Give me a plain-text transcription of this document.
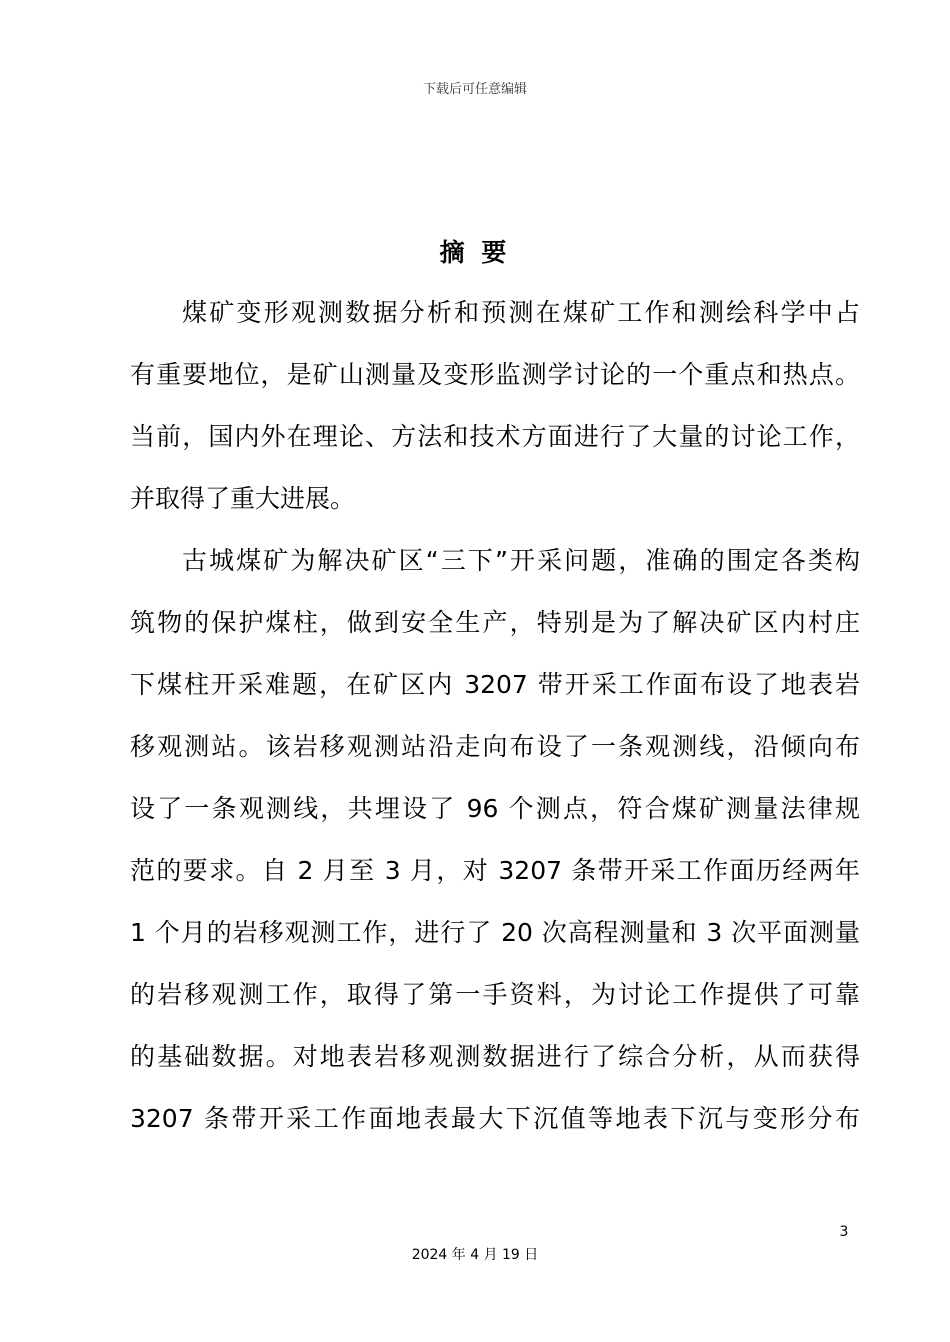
下载后可任意编辑
摘 要
煤矿变形观测数据分析和预测在煤矿工作和测绘科学中占
有重要地位，是矿山测量及变形监测学讨论的一个重点和热点。
当前，国内外在理论、方法和技术方面进行了大量的讨论工作，
并取得了重大进展。
古城煤矿为解决矿区“三下”开采问题，准确的围定各类构
筑物的保护煤柱，做到安全生产，特别是为了解决矿区内村庄
下煤柱开采难题，在矿区内 3207 带开采工作面布设了地表岩
移观测站。该岩移观测站沿走向布设了一条观测线，沿倾向布
设了一条观测线，共埋设了 96 个测点，符合煤矿测量法律规
范的要求。自 2 月至 3 月，对 3207 条带开采工作面历经两年
1 个月的岩移观测工作，进行了 20 次高程测量和 3 次平面测量
的岩移观测工作，取得了第一手资料，为讨论工作提供了可靠
的基础数据。对地表岩移观测数据进行了综合分析，从而获得
3207 条带开采工作面地表最大下沉值等地表下沉与变形分布
3
2024 年 4 月 19 日
